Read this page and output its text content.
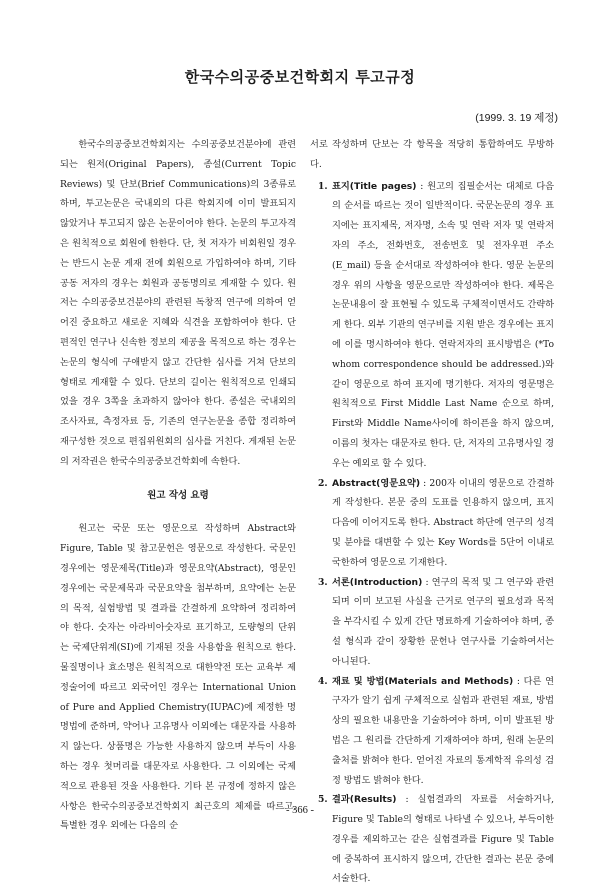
한국수의공중보건학회지 투고규정
(1999. 3. 19 제정)

한국수의공중보건학회지는 수의공중보건분야에 관련되는 원저(Original Papers), 종설(Current Topic Reviews) 및 단보(Brief Communications)의 3종류로 하며, 투고논문은 국내외의 다른 학회지에 이미 발표되지 않았거나 투고되지 않은 논문이어야 한다. 논문의 투고자격은 원칙적으로 회원에 한한다. 단, 첫 저자가 비회원일 경우는 반드시 논문 게재 전에 회원으로 가입하여야 하며, 기타 공동 저자의 경우는 회원과 공동명의로 게재할 수 있다. 원저는 수의공중보건분야의 관련된 독창적 연구에 의하여 얻어진 중요하고 새로운 지혜와 식견을 포함하여야 한다. 단편적인 연구나 신속한 정보의 제공을 목적으로 하는 경우는 논문의 형식에 구애받지 않고 간단한 심사를 거쳐 단보의 형태로 게재할 수 있다. 단보의 길이는 원칙적으로 인쇄되었을 경우 3쪽을 초과하지 않아야 한다. 종설은 국내외의 조사자료, 측정자료 등, 기존의 연구논문을 종합 정리하여 재구성한 것으로 편집위원회의 심사를 거친다. 게재된 논문의 저작권은 한국수의공중보건학회에 속한다.

원고 작성 요령

원고는 국문 또는 영문으로 작성하며 Abstract와 Figure, Table 및 참고문헌은 영문으로 작성한다. 국문인 경우에는 영문제목(Title)과 영문요약(Abstract), 영문인 경우에는 국문제목과 국문요약을 첨부하며, 요약에는 논문의 목적, 실험방법 및 결과를 간결하게 요약하여 정리하여야 한다. 숫자는 아라비아숫자로 표기하고, 도량형의 단위는 국제단위계(SI)에 기재된 것을 사용함을 원칙으로 한다. 물질명이나 효소명은 원칙적으로 대한약전 또는 교육부 제정술어에 따르고 외국어인 경우는 International Union of Pure and Applied Chemistry(IUPAC)에 제정한 명명법에 준하며, 약어나 고유명사 이외에는 대문자를 사용하지 않는다. 상품명은 가능한 사용하지 않으며 부득이 사용하는 경우 첫머리를 대문자로 사용한다. 그 이외에는 국제적으로 관용된 것을 사용한다. 기타 본 규정에 정하지 않은 사항은 한국수의공중보건학회지 최근호의 체제를 따르고, 특별한 경우 외에는 다음의 순

서로 작성하며 단보는 각 항목을 적당히 통합하여도 무방하다.

1. 표지(Title pages) : 원고의 집필순서는 대체로 다음의 순서를 따르는 것이 일반적이다. 국문논문의 경우 표지에는 표지제목, 저자명, 소속 및 연락 저자 및 연락저자의 주소, 전화번호, 전송번호 및 전자우편 주소(E_mail) 등을 순서대로 작성하여야 한다. 영문 논문의 경우 위의 사항을 영문으로만 작성하여야 한다. 제목은 논문내용이 잘 표현될 수 있도록 구체적이면서도 간략하게 한다. 외부 기관의 연구비를 지원 받은 경우에는 표지에 이를 명시하여야 한다. 연락저자의 표시방법은 (*To whom correspondence should be addressed.)와 같이 영문으로 하여 표지에 명기한다. 저자의 영문명은 원칙적으로 First Middle Last Name 순으로 하며, First와 Middle Name사이에 하이픈을 하지 않으며, 이름의 첫자는 대문자로 한다. 단, 저자의 고유명사일 경우는 예외로 할 수 있다.
2. Abstract(영문요약) : 200자 이내의 영문으로 간결하게 작성한다. 본문 중의 도표를 인용하지 않으며, 표지 다음에 이어지도록 한다. Abstract 하단에 연구의 성격 및 분야를 대변할 수 있는 Key Words를 5단어 이내로 국한하여 영문으로 기재한다.
3. 서론(Introduction) : 연구의 목적 및 그 연구와 관련되며 이미 보고된 사실을 근거로 연구의 필요성과 목적을 부각시킬 수 있게 간단 명료하게 기술하여야 하며, 종설 형식과 같이 장황한 문헌나 연구사를 기술하여서는 아니된다.
4. 재료 및 방법(Materials and Methods) : 다른 연구자가 알기 쉽게 구체적으로 실험과 관련된 재료, 방법상의 필요한 내용만을 기술하여야 하며, 이미 발표된 방법은 그 원리를 간단하게 기재하여야 하며, 원래 논문의 출처를 밝혀야 한다. 얻어진 자료의 통계학적 유의성 검정 방법도 밝혀야 한다.
5. 결과(Results) : 실험결과의 자료를 서술하거나, Figure 및 Table의 형태로 나타낼 수 있으나, 부득이한 경우를 제외하고는 같은 실험결과를 Figure 및 Table에 중복하여 표시하지 않으며, 간단한 결과는 본문 중에 서술한다.
- 366 -
